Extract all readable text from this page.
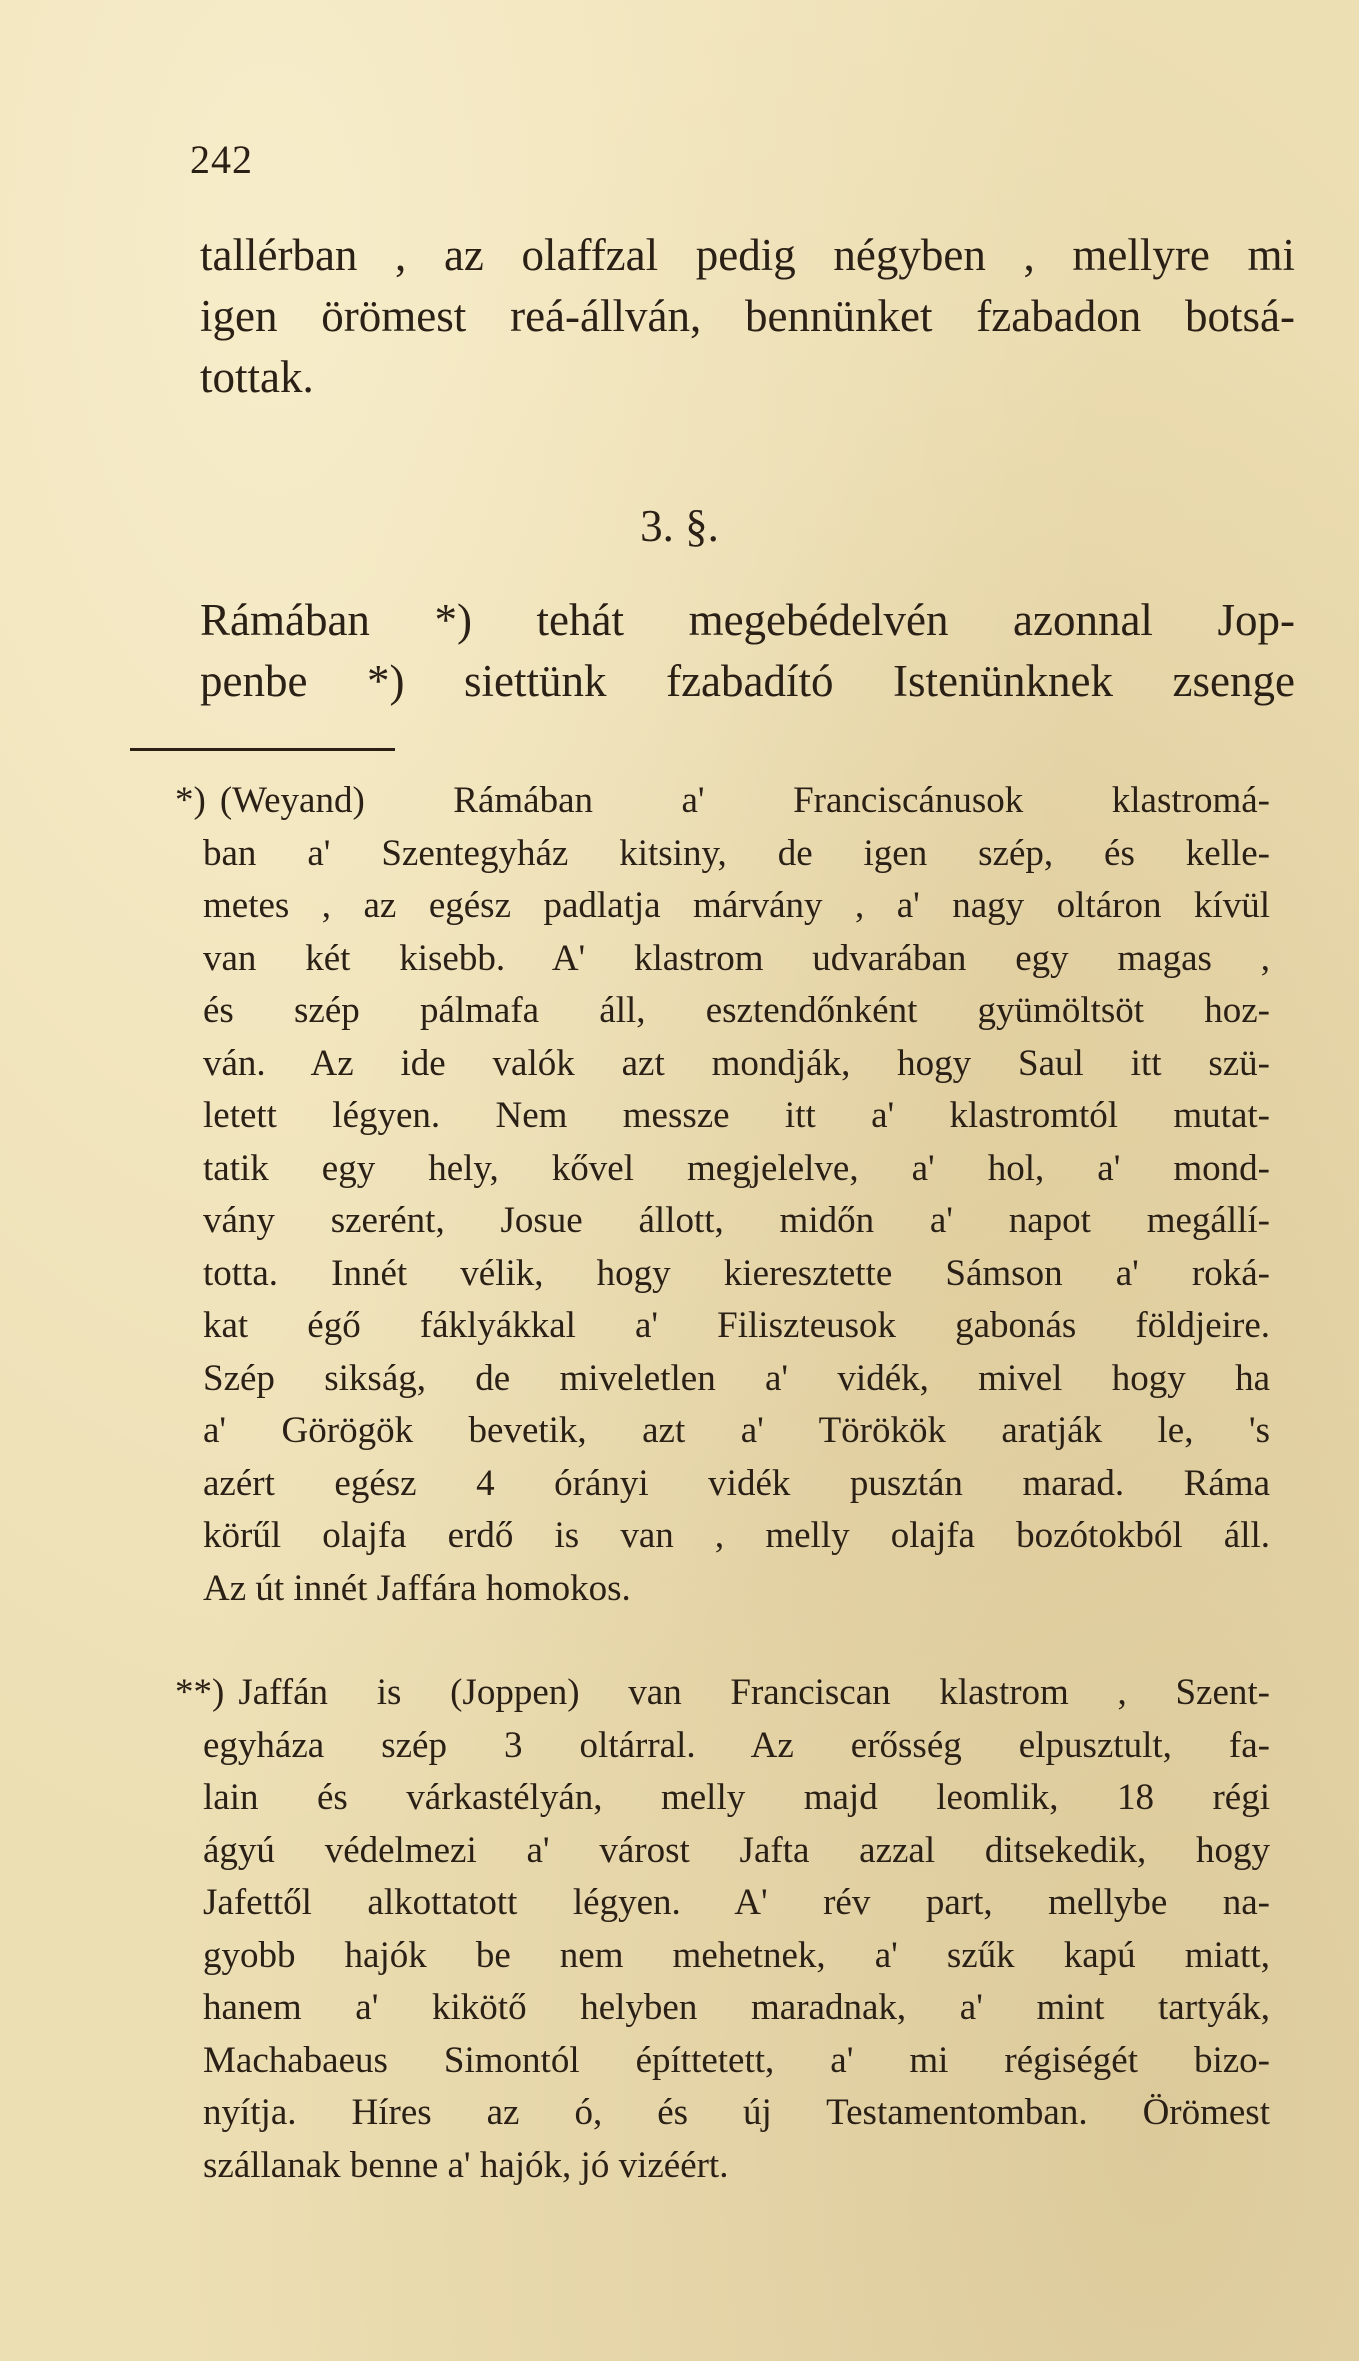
242
tallérban , az olaffzal pedig négyben , mellyre mi
igen örömest reá-állván, bennünket fzabadon botsá-
tottak.
3. §.
Rámában *) tehát megebédelvén azonnal Jop-
penbe *) siettünk fzabadító Istenünknek zsenge
*) (Weyand) Rámában a' Franciscánusok klastromá-
ban a' Szentegyház kitsiny, de igen szép, és kelle-
metes , az egész padlatja márvány , a' nagy oltáron kívül
van két kisebb. A' klastrom udvarában egy magas ,
és szép pálmafa áll, esztendőnként gyümöltsöt hoz-
ván. Az ide valók azt mondják, hogy Saul itt szü-
letett légyen. Nem messze itt a' klastromtól mutat-
tatik egy hely, kővel megjelelve, a' hol, a' mond-
vány szerént, Josue állott, midőn a' napot megállí-
totta. Innét vélik, hogy kieresztette Sámson a' roká-
kat égő fáklyákkal a' Filiszteusok gabonás földjeire.
Szép sikság, de miveletlen a' vidék, mivel hogy ha
a' Görögök bevetik, azt a' Törökök aratják le, 's
azért egész 4 órányi vidék pusztán marad. Ráma
körűl olajfa erdő is van , melly olajfa bozótokból áll.
Az út innét Jaffára homokos.
**) Jaffán is (Joppen) van Franciscan klastrom , Szent-
egyháza szép 3 oltárral. Az erősség elpusztult, fa-
lain és várkastélyán, melly majd leomlik, 18 régi
ágyú védelmezi a' várost Jafta azzal ditsekedik, hogy
Jafettől alkottatott légyen. A' rév part, mellybe na-
gyobb hajók be nem mehetnek, a' szűk kapú miatt,
hanem a' kikötő helyben maradnak, a' mint tartyák,
Machabaeus Simontól építtetett, a' mi régiségét bizo-
nyítja. Híres az ó, és új Testamentomban. Örömest
szállanak benne a' hajók, jó vizéért.
